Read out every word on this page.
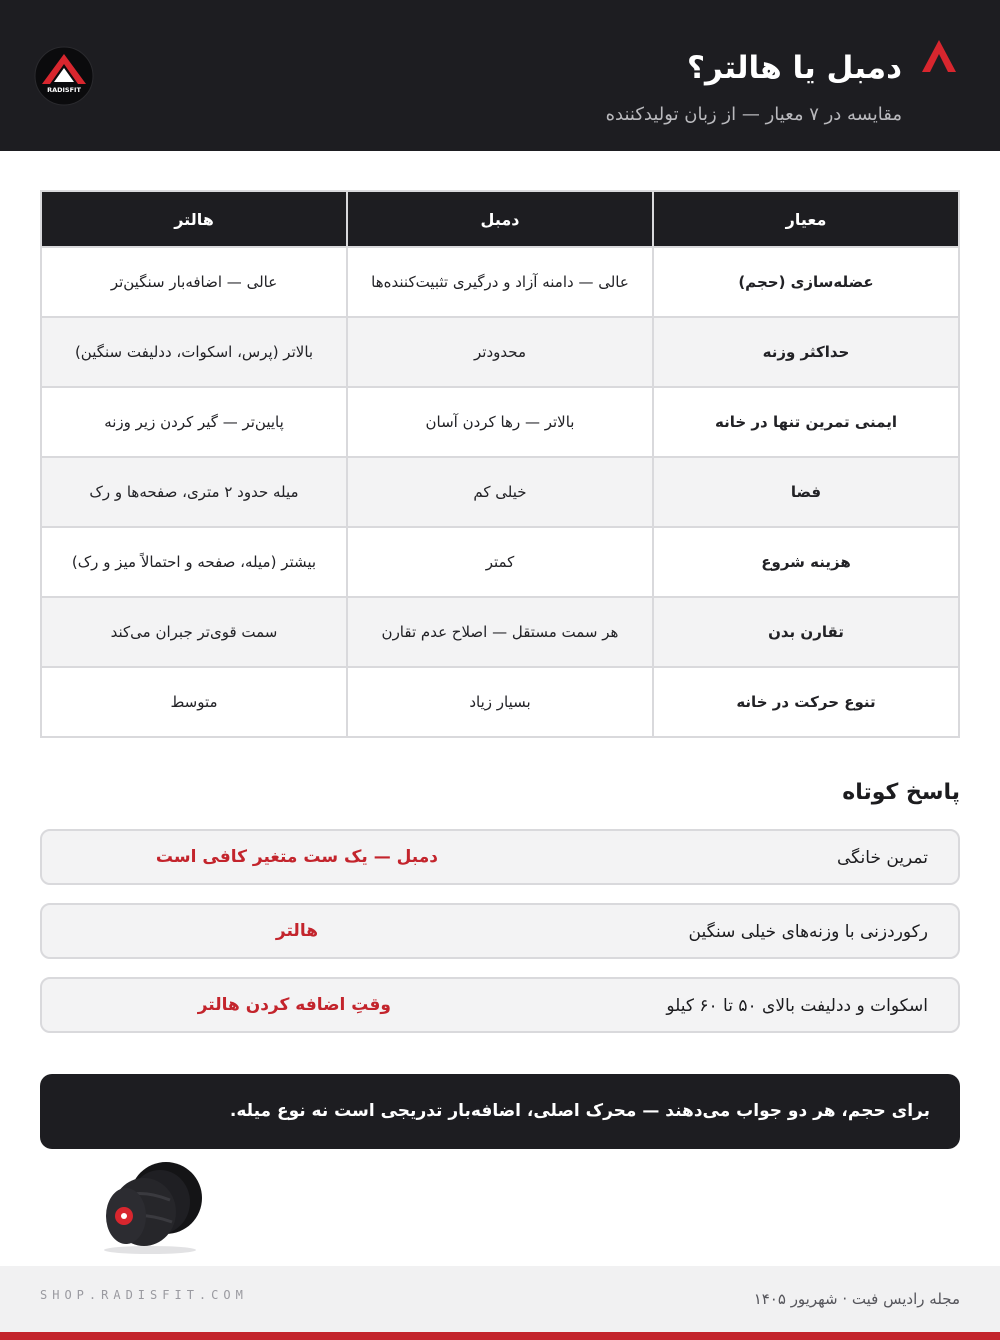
RADISFIT
دمبل یا هالتر؟
مقایسه در ۷ معیار — از زبان تولیدکننده
معیار	دمبل	هالتر
عضله‌سازی (حجم)	عالی — دامنه آزاد و درگیری تثبیت‌کننده‌ها	عالی — اضافه‌بار سنگین‌تر
حداکثر وزنه	محدودتر	بالاتر (پرس، اسکوات، ددلیفت سنگین)
ایمنی تمرین تنها در خانه	بالاتر — رها کردن آسان	پایین‌تر — گیر کردن زیر وزنه
فضا	خیلی کم	میله حدود ۲ متری، صفحه‌ها و رک
هزینه شروع	کمتر	بیشتر (میله، صفحه و احتمالاً میز و رک)
تقارن بدن	هر سمت مستقل — اصلاح عدم تقارن	سمت قوی‌تر جبران می‌کند
تنوع حرکت در خانه	بسیار زیاد	متوسط
پاسخ کوتاه
تمرین خانگی
دمبل — یک ست متغیر کافی است
رکوردزنی با وزنه‌های خیلی سنگین
هالتر
اسکوات و ددلیفت بالای ۵۰ تا ۶۰ کیلو
وقتِ اضافه کردن هالتر
برای حجم، هر دو جواب می‌دهند — محرک اصلی، اضافه‌بار تدریجی است نه نوع میله.
SHOP.RADISFIT.COM	مجله رادیس فیت · شهریور ۱۴۰۵
